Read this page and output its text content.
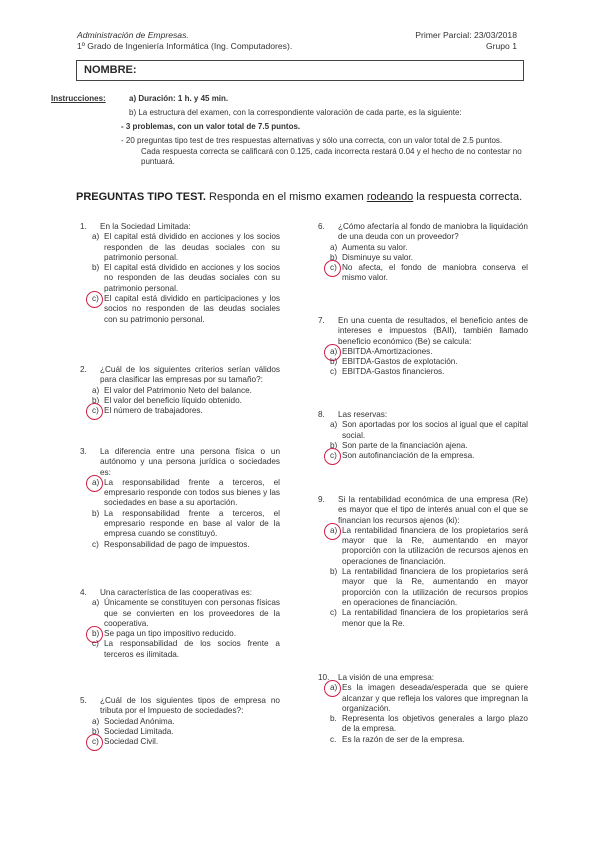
Administración de Empresas.
1º Grado de Ingeniería Informática (Ing. Computadores).
Primer Parcial: 23/03/2018
Grupo 1
NOMBRE:
Instrucciones:	a) Duración: 1 h. y 45 min.

b) La estructura del examen, con la correspondiente valoración de cada parte, es la siguiente:

- 3 problemas, con un valor total de 7.5 puntos.

- 20 preguntas tipo test de tres respuestas alternativas y sólo una correcta, con un valor total de 2.5 puntos.

Cada respuesta correcta se calificará con 0.125, cada incorrecta restará 0.04 y el hecho de no contestar no puntuará.

PREGUNTAS TIPO TEST. Responda en el mismo examen rodeando la respuesta correcta.
1.	En la Sociedad Limitada:
a) El capital está dividido en acciones y los socios responden de las deudas sociales con su patrimonio personal.
b) El capital está dividido en acciones y los socios no responden de las deudas sociales con su patrimonio personal.
c) El capital está dividido en participaciones y los socios no responden de las deudas sociales con su patrimonio personal.
2.	¿Cuál de los siguientes criterios serían válidos para clasificar las empresas por su tamaño?:
a) El valor del Patrimonio Neto del balance.
b) El valor del beneficio líquido obtenido.
c) El número de trabajadores.
3.	La diferencia entre una persona física o un autónomo y una persona jurídica o sociedades es:
a) La responsabilidad frente a terceros, el empresario responde con todos sus bienes y las sociedades en base a su aportación.
b) La responsabilidad frente a terceros, el empresario responde en base al valor de la empresa cuando se constituyó.
c) Responsabilidad de pago de impuestos.
4.	Una característica de las cooperativas es:
a) Únicamente se constituyen con personas físicas que se convierten en los proveedores de la cooperativa.
b) Se paga un tipo impositivo reducido.
c) La responsabilidad de los socios frente a terceros es ilimitada.
5.	¿Cuál de los siguientes tipos de empresa no tributa por el Impuesto de sociedades?:
a) Sociedad Anónima.
b) Sociedad Limitada.
c) Sociedad Civil.
6.	¿Cómo afectaría al fondo de maniobra la liquidación de una deuda con un proveedor?
a) Aumenta su valor.
b) Disminuye su valor.
c) No afecta, el fondo de maniobra conserva el mismo valor.
7.	En una cuenta de resultados, el beneficio antes de intereses e impuestos (BAII), también llamado beneficio económico (Be) se calcula:
a) EBITDA-Amortizaciones.
b) EBITDA-Gastos de explotación.
c) EBITDA-Gastos financieros.
8.	Las reservas:
a) Son aportadas por los socios al igual que el capital social.
b) Son parte de la financiación ajena.
c) Son autofinanciación de la empresa.
9.	Si la rentabilidad económica de una empresa (Re) es mayor que el tipo de interés anual con el que se financian los recursos ajenos (ki):
a) La rentabilidad financiera de los propietarios será mayor que la Re, aumentando en mayor proporción con la utilización de recursos ajenos en operaciones de financiación.
b) La rentabilidad financiera de los propietarios será mayor que la Re, aumentando en mayor proporción con la utilización de recursos propios en operaciones de financiación.
c) La rentabilidad financiera de los propietarios será menor que la Re.
10.	La visión de una empresa:
a) Es la imagen deseada/esperada que se quiere alcanzar y que refleja los valores que impregnan la organización.
b. Representa los objetivos generales a largo plazo de la empresa.
c. Es la razón de ser de la empresa.
